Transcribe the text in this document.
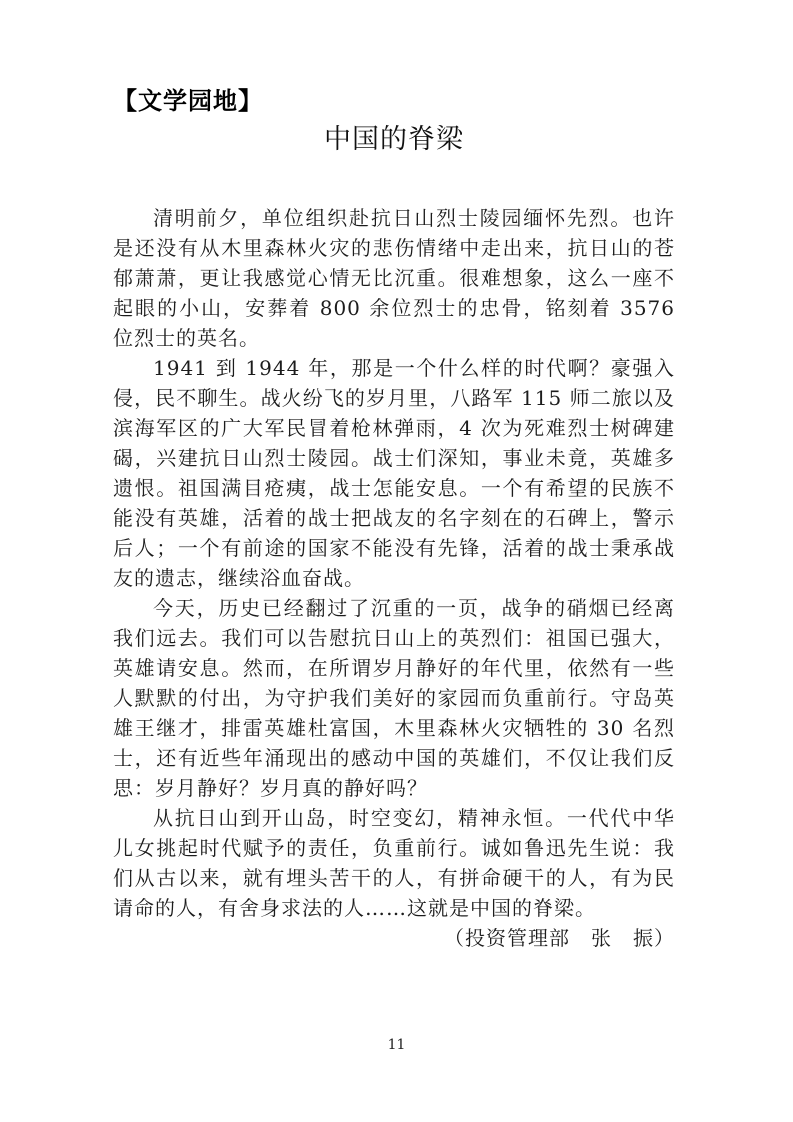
【文学园地】
中国的脊梁

清明前夕，单位组织赴抗日山烈士陵园缅怀先烈。也许是还没有从木里森林火灾的悲伤情绪中走出来，抗日山的苍郁萧萧，更让我感觉心情无比沉重。很难想象，这么一座不起眼的小山，安葬着 800 余位烈士的忠骨，铭刻着 3576 位烈士的英名。

1941 到 1944 年，那是一个什么样的时代啊？豪强入侵，民不聊生。战火纷飞的岁月里，八路军 115 师二旅以及滨海军区的广大军民冒着枪林弹雨，4 次为死难烈士树碑建碣，兴建抗日山烈士陵园。战士们深知，事业未竟，英雄多遗恨。祖国满目疮痍，战士怎能安息。一个有希望的民族不能没有英雄，活着的战士把战友的名字刻在的石碑上，警示后人；一个有前途的国家不能没有先锋，活着的战士秉承战友的遗志，继续浴血奋战。

今天，历史已经翻过了沉重的一页，战争的硝烟已经离我们远去。我们可以告慰抗日山上的英烈们：祖国已强大，英雄请安息。然而，在所谓岁月静好的年代里，依然有一些人默默的付出，为守护我们美好的家园而负重前行。守岛英雄王继才，排雷英雄杜富国，木里森林火灾牺牲的 30 名烈士，还有近些年涌现出的感动中国的英雄们，不仅让我们反思：岁月静好？岁月真的静好吗？

从抗日山到开山岛，时空变幻，精神永恒。一代代中华儿女挑起时代赋予的责任，负重前行。诚如鲁迅先生说：我们从古以来，就有埋头苦干的人，有拼命硬干的人，有为民请命的人，有舍身求法的人……这就是中国的脊梁。

（投资管理部　张　振）

11
